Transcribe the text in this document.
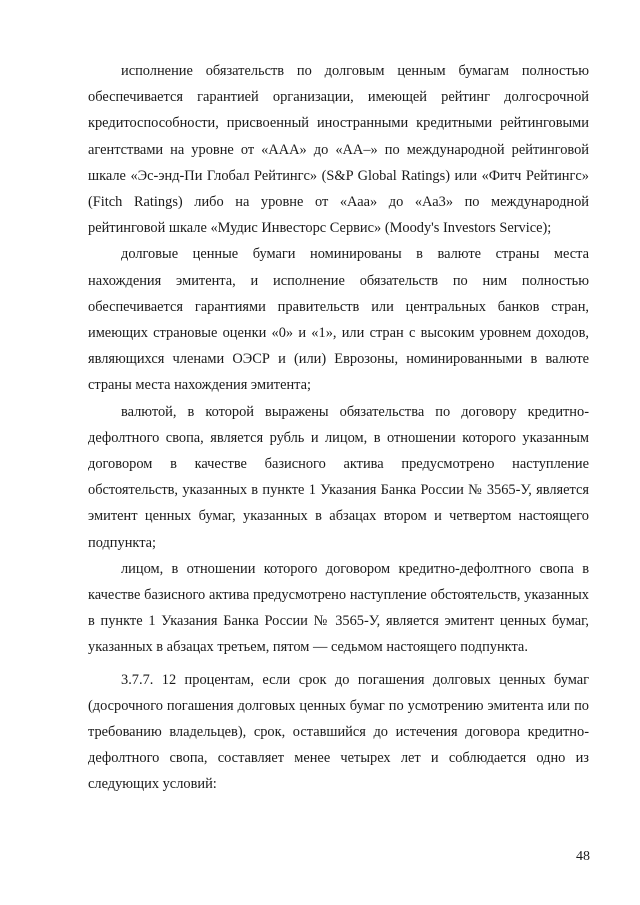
исполнение обязательств по долговым ценным бумагам полностью обеспечивается гарантией организации, имеющей рейтинг долгосрочной кредитоспособности, присвоенный иностранными кредитными рейтинговыми агентствами на уровне от «ААА» до «АА–» по международной рейтинговой шкале «Эс-энд-Пи Глобал Рейтингс» (S&P Global Ratings) или «Фитч Рейтингс» (Fitch Ratings) либо на уровне от «Ааа» до «Аа3» по международной рейтинговой шкале «Мудис Инвесторс Сервис» (Moody's Investors Service);

долговые ценные бумаги номинированы в валюте страны места нахождения эмитента, и исполнение обязательств по ним полностью обеспечивается гарантиями правительств или центральных банков стран, имеющих страновые оценки «0» и «1», или стран с высоким уровнем доходов, являющихся членами ОЭСР и (или) Еврозоны, номинированными в валюте страны места нахождения эмитента;

валютой, в которой выражены обязательства по договору кредитно-дефолтного свопа, является рубль и лицом, в отношении которого указанным договором в качестве базисного актива предусмотрено наступление обстоятельств, указанных в пункте 1 Указания Банка России № 3565-У, является эмитент ценных бумаг, указанных в абзацах втором и четвертом настоящего подпункта;

лицом, в отношении которого договором кредитно-дефолтного свопа в качестве базисного актива предусмотрено наступление обстоятельств, указанных в пункте 1 Указания Банка России № 3565-У, является эмитент ценных бумаг, указанных в абзацах третьем, пятом — седьмом настоящего подпункта.

3.7.7. 12 процентам, если срок до погашения долговых ценных бумаг (досрочного погашения долговых ценных бумаг по усмотрению эмитента или по требованию владельцев), срок, оставшийся до истечения договора кредитно-дефолтного свопа, составляет менее четырех лет и соблюдается одно из следующих условий:

48
